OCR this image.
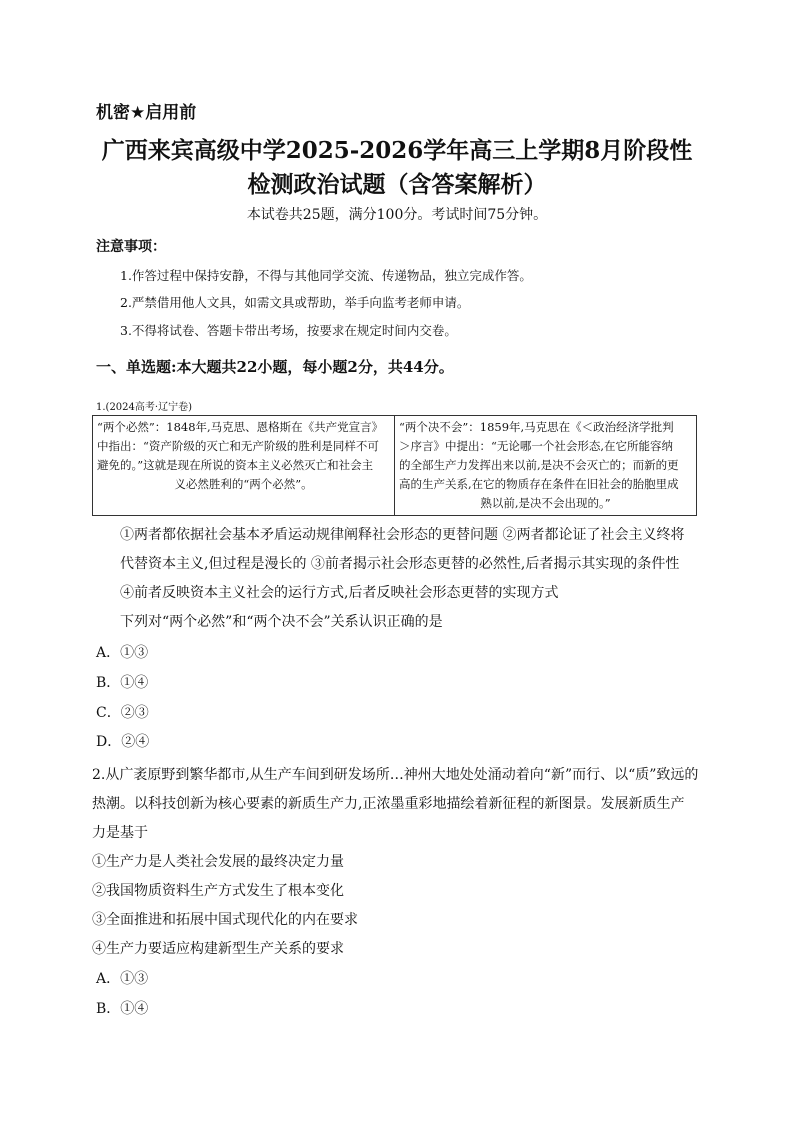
机密★启用前
广西来宾高级中学2025-2026学年高三上学期8月阶段性
检测政治试题（含答案解析）
本试卷共25题，满分100分。考试时间75分钟。
注意事项：
1.作答过程中保持安静，不得与其他同学交流、传递物品，独立完成作答。
2.严禁借用他人文具，如需文具或帮助，举手向监考老师申请。
3.不得将试卷、答题卡带出考场，按要求在规定时间内交卷。
一、单选题:本大题共22小题，每小题2分，共44分。
1.(2024高考·辽宁卷)
“两个必然”：1848年,马克思、恩格斯在《共产党宣言》
中指出：“资产阶级的灭亡和无产阶级的胜利是同样不可
避免的。”这就是现在所说的资本主义必然灭亡和社会主
义必然胜利的“两个必然”。

“两个决不会”：1859年,马克思在《＜政治经济学批判
＞序言》中提出：“无论哪一个社会形态,在它所能容纳
的全部生产力发挥出来以前,是决不会灭亡的；而新的更
高的生产关系,在它的物质存在条件在旧社会的胎胞里成
熟以前,是决不会出现的。”
①两者都依据社会基本矛盾运动规律阐释社会形态的更替问题 ②两者都论证了社会主义终将
代替资本主义,但过程是漫长的 ③前者揭示社会形态更替的必然性,后者揭示其实现的条件性
④前者反映资本主义社会的运行方式,后者反映社会形态更替的实现方式
下列对“两个必然”和“两个决不会”关系认识正确的是
A．①③
B．①④
C．②③
D．②④
2.从广袤原野到繁华都市,从生产车间到研发场所…神州大地处处涌动着向“新”而行、以“质”致远的
热潮。以科技创新为核心要素的新质生产力,正浓墨重彩地描绘着新征程的新图景。发展新质生产
力是基于
①生产力是人类社会发展的最终决定力量
②我国物质资料生产方式发生了根本变化
③全面推进和拓展中国式现代化的内在要求
④生产力要适应构建新型生产关系的要求
A．①③
B．①④
